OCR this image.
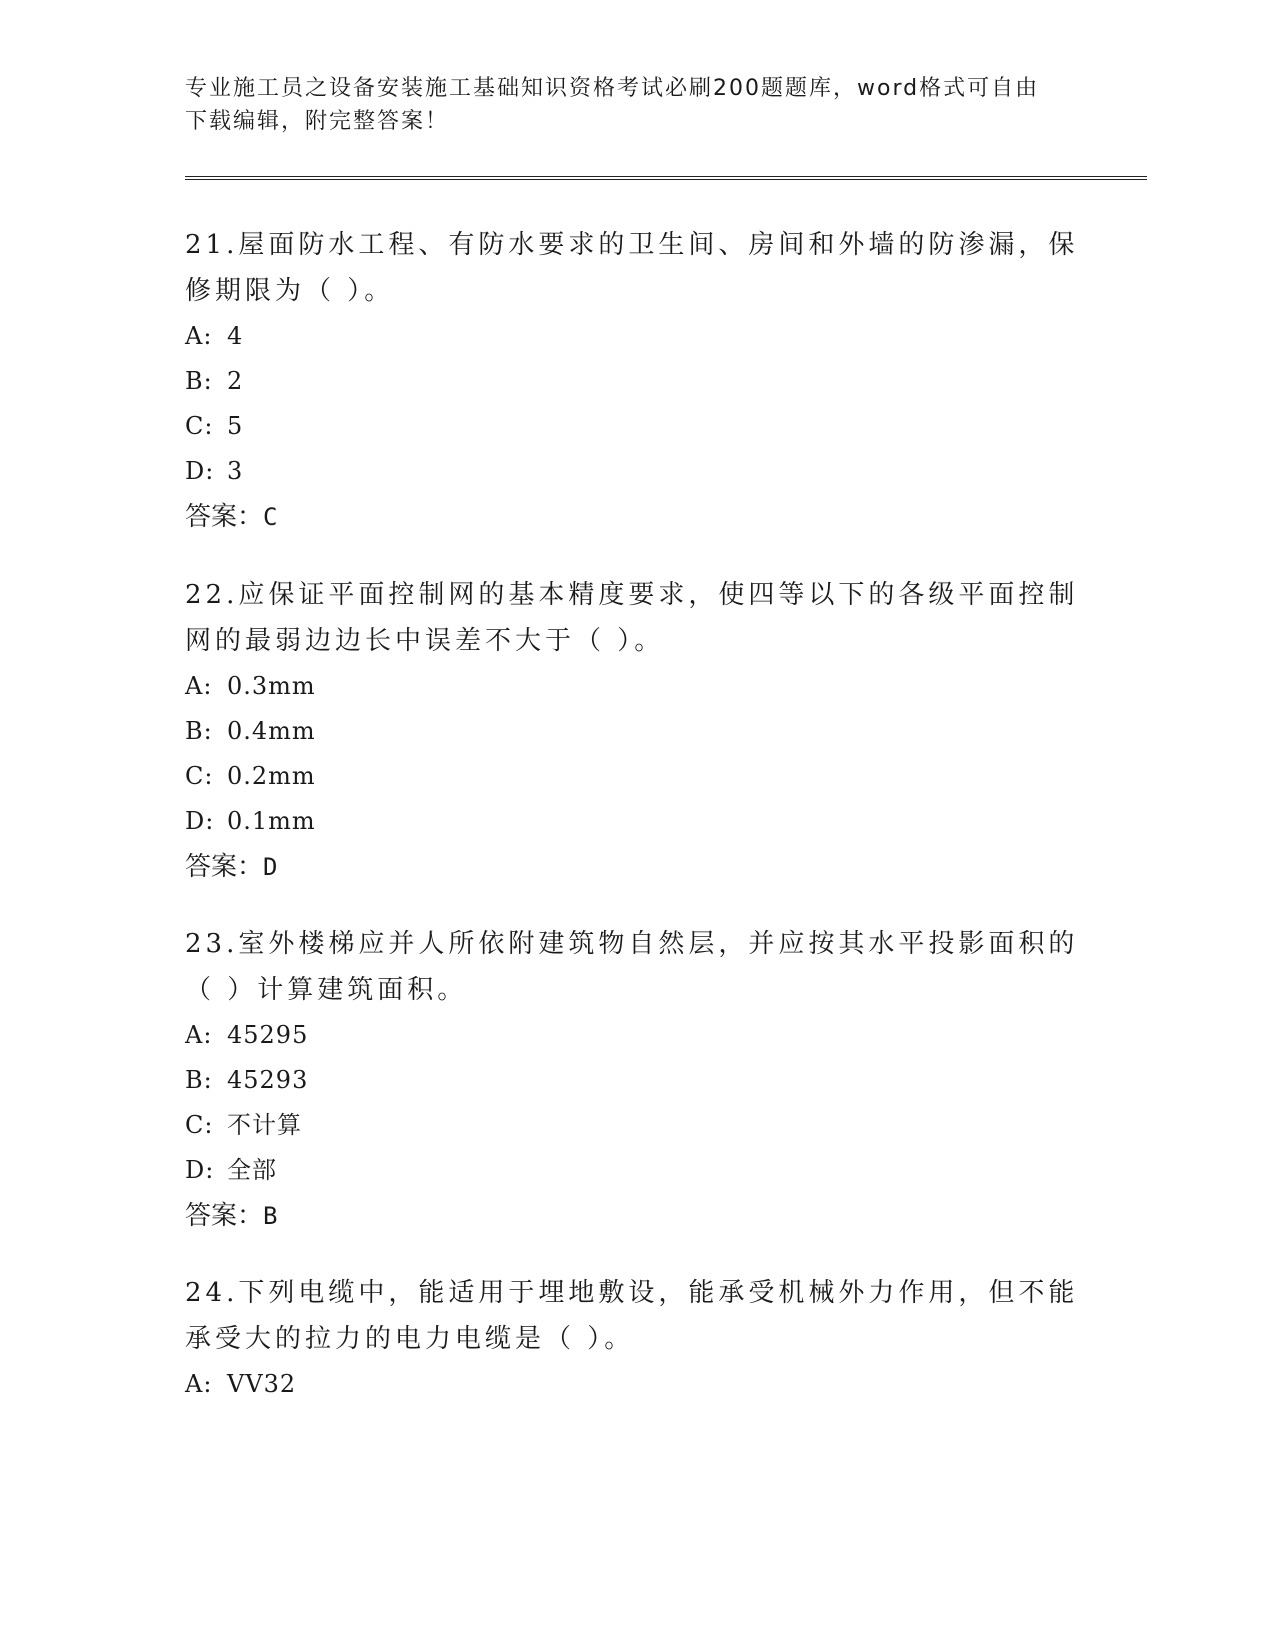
专业施工员之设备安装施工基础知识资格考试必刷200题题库，word格式可自由下载编辑，附完整答案！

21.屋面防水工程、有防水要求的卫生间、房间和外墙的防渗漏，保修期限为（ ）。

A: 4

B: 2

C: 5

D: 3

答案：C

22.应保证平面控制网的基本精度要求，使四等以下的各级平面控制网的最弱边边长中误差不大于（ ）。

A: 0.3mm

B: 0.4mm

C: 0.2mm

D: 0.1mm

答案：D

23.室外楼梯应并人所依附建筑物自然层，并应按其水平投影面积的（ ）计算建筑面积。

A: 45295

B: 45293

C: 不计算

D: 全部

答案：B

24.下列电缆中，能适用于埋地敷设，能承受机械外力作用，但不能承受大的拉力的电力电缆是（ ）。

A: VV32
